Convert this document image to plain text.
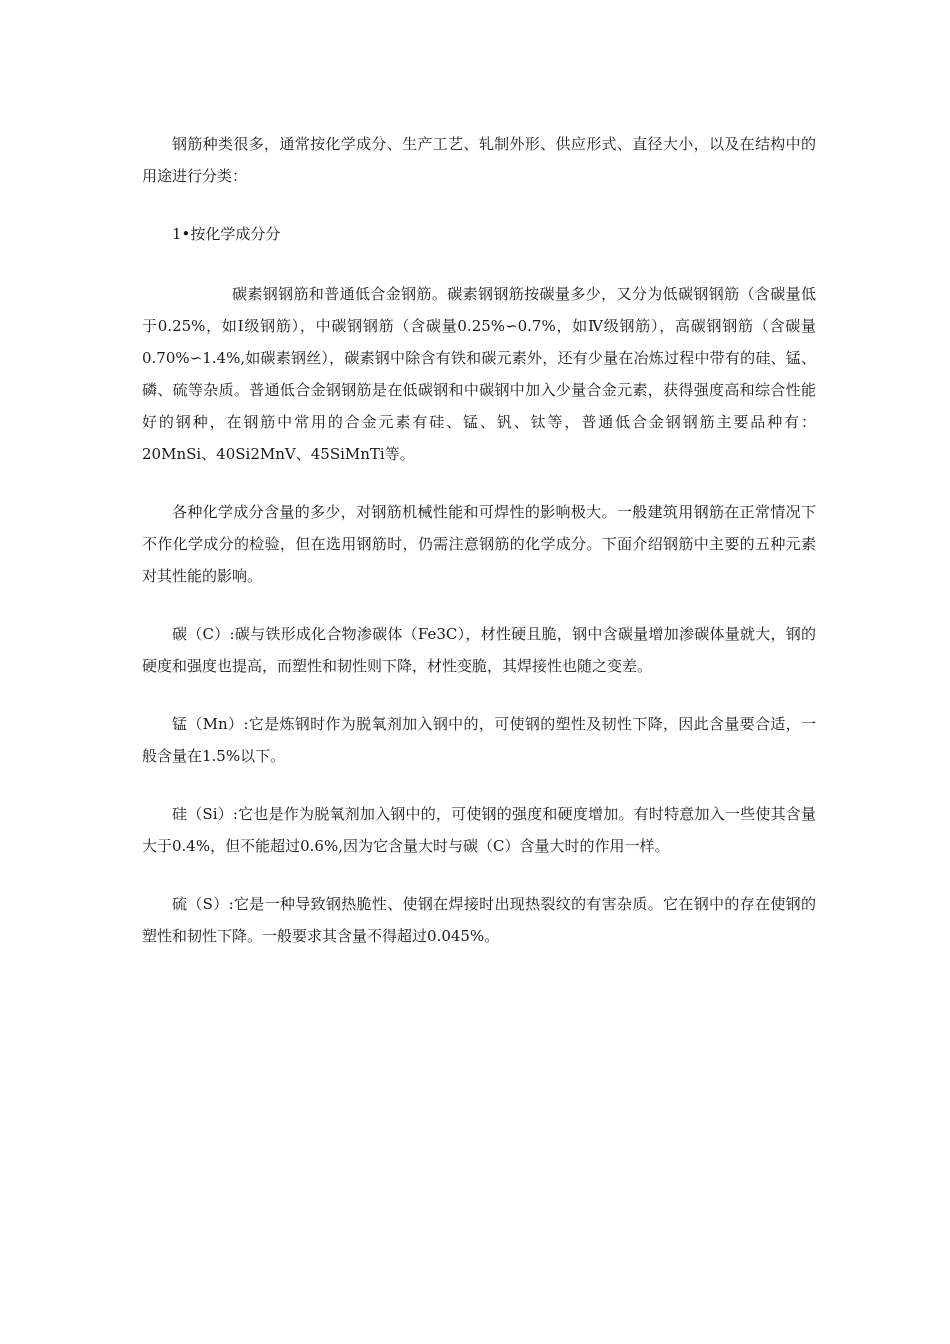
钢筋种类很多，通常按化学成分、生产工艺、轧制外形、供应形式、直径大小，以及在结构中的用途进行分类：

1•按化学成分分

碳素钢钢筋和普通低合金钢筋。碳素钢钢筋按碳量多少，又分为低碳钢钢筋（含碳量低于0.25%，如Ⅰ级钢筋），中碳钢钢筋（含碳量0.25%∽0.7%，如Ⅳ级钢筋），高碳钢钢筋（含碳量0.70%∽1.4%,如碳素钢丝），碳素钢中除含有铁和碳元素外，还有少量在冶炼过程中带有的硅、锰、磷、硫等杂质。普通低合金钢钢筋是在低碳钢和中碳钢中加入少量合金元素，获得强度高和综合性能好的钢种，在钢筋中常用的合金元素有硅、锰、钒、钛等，普通低合金钢钢筋主要品种有：20MnSi、40Si2MnV、45SiMnTi等。

各种化学成分含量的多少，对钢筋机械性能和可焊性的影响极大。一般建筑用钢筋在正常情况下不作化学成分的检验，但在选用钢筋时，仍需注意钢筋的化学成分。下面介绍钢筋中主要的五种元素对其性能的影响。

碳（C）:碳与铁形成化合物渗碳体（Fe3C），材性硬且脆，钢中含碳量增加渗碳体量就大，钢的硬度和强度也提高，而塑性和韧性则下降，材性变脆，其焊接性也随之变差。

锰（Mn）:它是炼钢时作为脱氧剂加入钢中的，可使钢的塑性及韧性下降，因此含量要合适，一般含量在1.5%以下。

硅（Si）:它也是作为脱氧剂加入钢中的，可使钢的强度和硬度增加。有时特意加入一些使其含量大于0.4%，但不能超过0.6%,因为它含量大时与碳（C）含量大时的作用一样。

硫（S）:它是一种导致钢热脆性、使钢在焊接时出现热裂纹的有害杂质。它在钢中的存在使钢的塑性和韧性下降。一般要求其含量不得超过0.045%。
